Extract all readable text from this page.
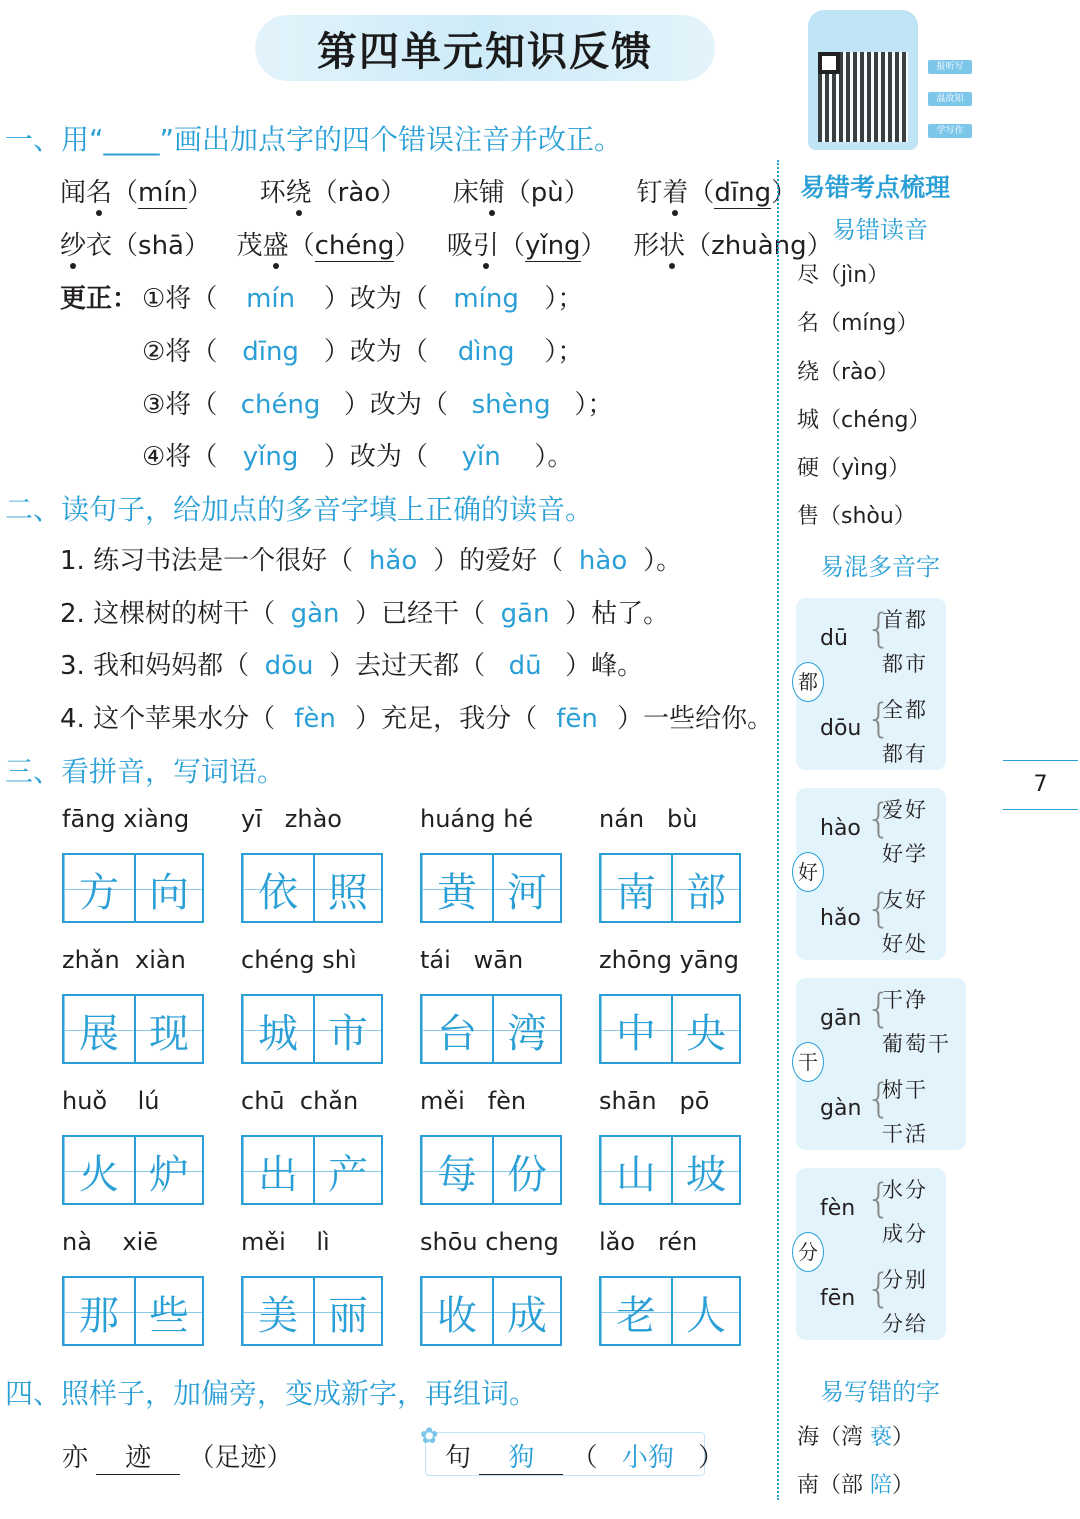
第四单元知识反馈	报听写
温故知
学写作
一、用“____”画出加点字的四个错误注音并改正。
闻名（mín） 环绕（rào） 床铺（pù） 钉着（dīng）
纱衣（shā） 茂盛（chéng） 吸引（yǐng） 形状（zhuàng）
更正： ①将（ mín ）改为（ míng ）；
②将（ dīng ）改为（ dìng ）；
③将（ chéng ）改为（ shèng ）；
④将（ yǐng ）改为（ yǐn ）。
二、读句子，给加点的多音字填上正确的读音。
1. 练习书法是一个很好（ hǎo ）的爱好（ hào ）。
2. 这棵树的树干（ gàn ）已经干（ gān ）枯了。
3. 我和妈妈都（ dōu ）去过天都（ dū ）峰。
4. 这个苹果水分（ fèn ）充足，我分（ fēn ）一些给你。
三、看拼音，写词语。
fāng xiàng
方 向
yī   zhào
依 照
huáng hé
黄 河
nán   bù
南 部
zhǎn  xiàn
展 现
chéng shì
城 市
tái   wān
台 湾
zhōng yāng
中 央
huǒ    lú
火 炉
chū  chǎn
出 产
měi   fèn
每 份
shān   pō
山 坡
nà    xiē
那 些
měi    lì
美 丽
shōu cheng
收 成
lǎo   rén
老 人
四、照样子，加偏旁，变成新字，再组词。
亦 迹 （足迹）
✿
句 狗 （ 小狗 ）
易错考点梳理
易错读音
尽（jìn）
名（míng）
绕（rào）
城（chéng）
硬（yìng）
售（shòu）
易混多音字
都
dū {
首都
都市
dōu {
全都
都有
好
hào {
爱好
好学
hǎo {
友好
好处
干
gān {
干净
葡萄干
gàn {
树干
干活
分
fèn {
水分
成分
fēn {
分别
分给
易写错的字
海（湾 亵）
南（部 陪）
7
